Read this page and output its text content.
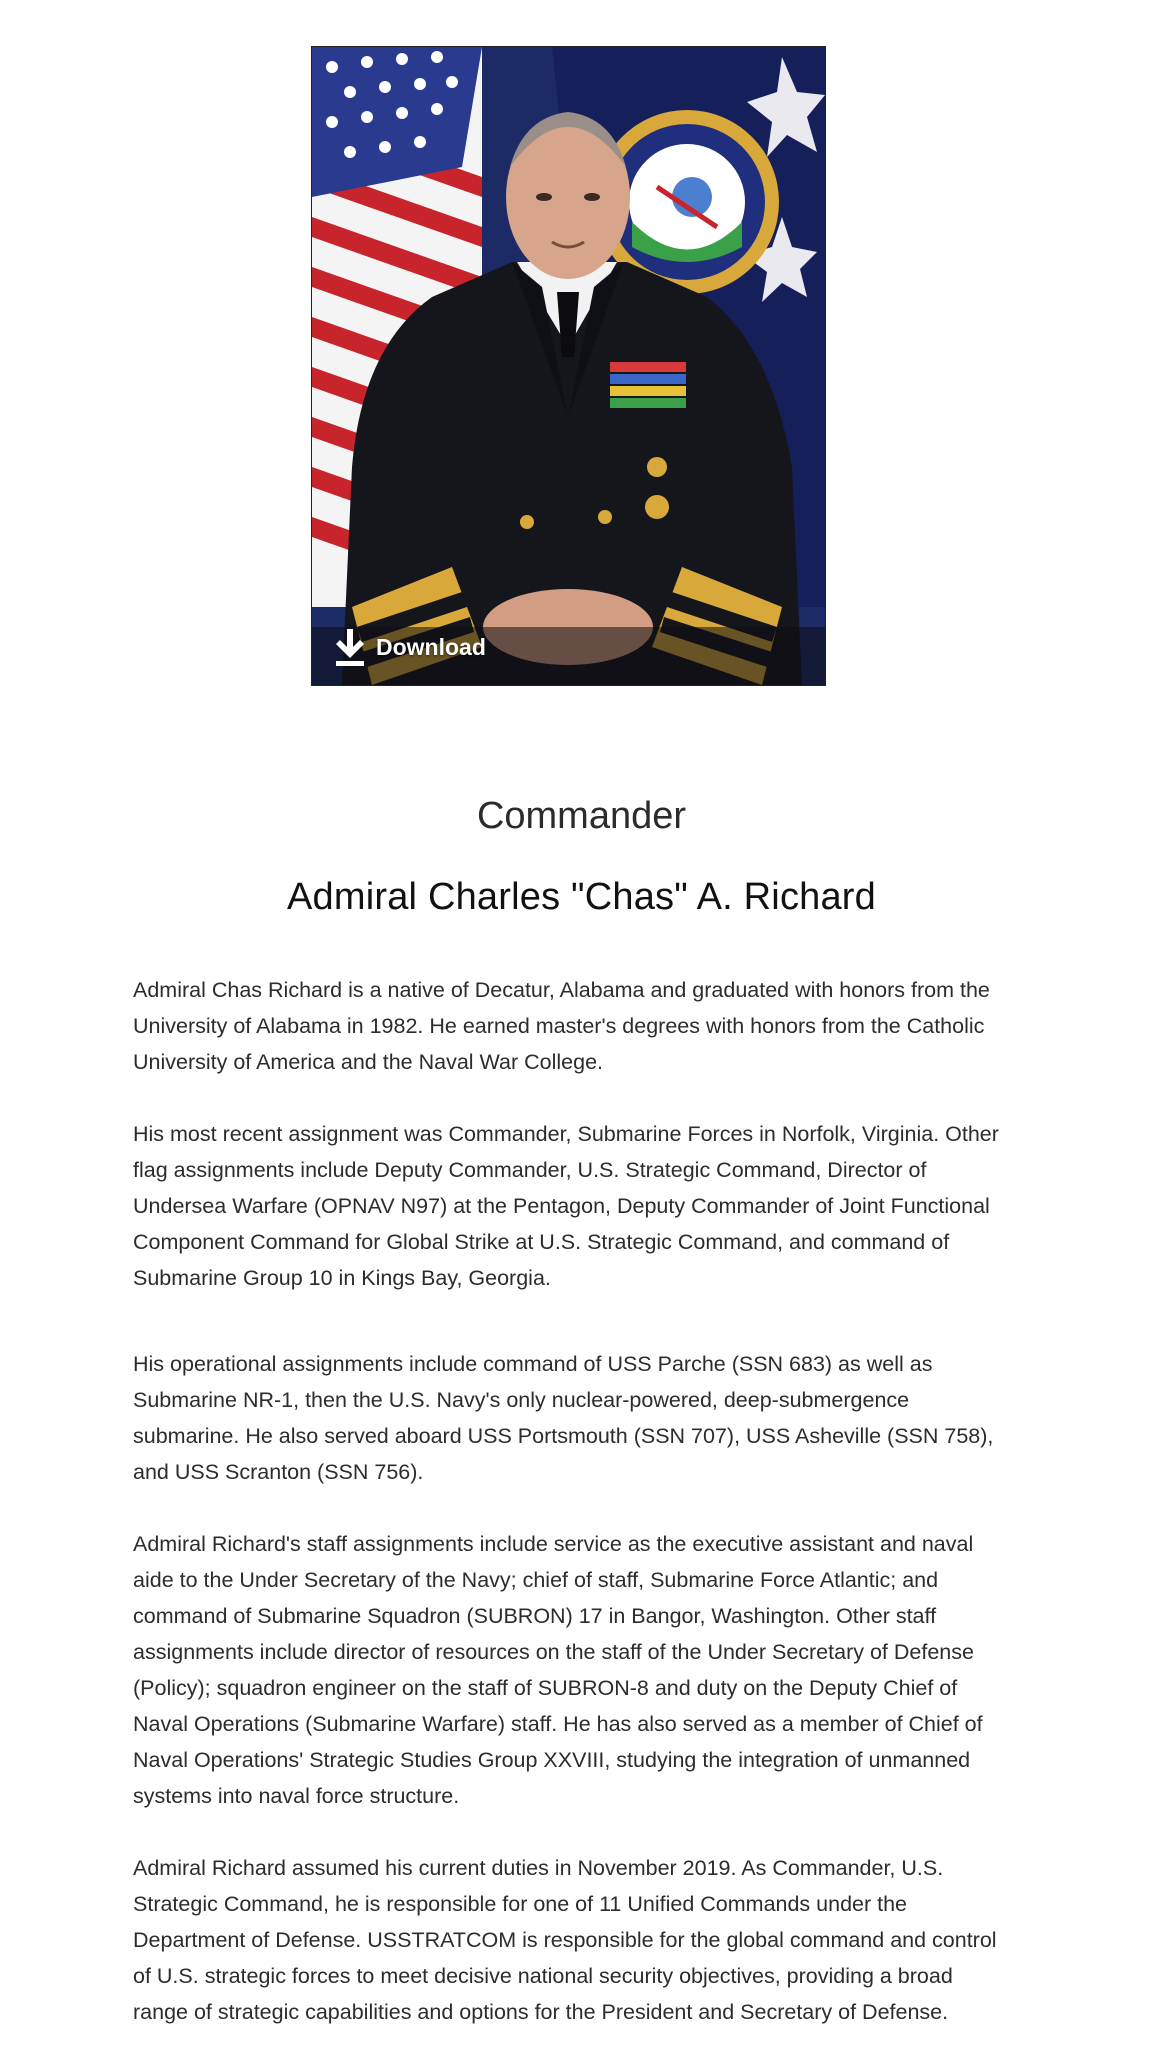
Download
Commander
Admiral Charles "Chas" A. Richard

Admiral Chas Richard is a native of Decatur, Alabama and graduated with honors from the University of Alabama in 1982. He earned master's degrees with honors from the Catholic University of America and the Naval War College.

His most recent assignment was Commander, Submarine Forces in Norfolk, Virginia. Other flag assignments include Deputy Commander, U.S. Strategic Command, Director of Undersea Warfare (OPNAV N97) at the Pentagon, Deputy Commander of Joint Functional Component Command for Global Strike at U.S. Strategic Command, and command of Submarine Group 10 in Kings Bay, Georgia.

His operational assignments include command of USS Parche (SSN 683) as well as Submarine NR-1, then the U.S. Navy's only nuclear-powered, deep-submergence submarine. He also served aboard USS Portsmouth (SSN 707), USS Asheville (SSN 758), and USS Scranton (SSN 756).

Admiral Richard's staff assignments include service as the executive assistant and naval aide to the Under Secretary of the Navy; chief of staff, Submarine Force Atlantic; and command of Submarine Squadron (SUBRON) 17 in Bangor, Washington. Other staff assignments include director of resources on the staff of the Under Secretary of Defense (Policy); squadron engineer on the staff of SUBRON-8 and duty on the Deputy Chief of Naval Operations (Submarine Warfare) staff. He has also served as a member of Chief of Naval Operations' Strategic Studies Group XXVIII, studying the integration of unmanned systems into naval force structure.

Admiral Richard assumed his current duties in November 2019. As Commander, U.S. Strategic Command, he is responsible for one of 11 Unified Commands under the Department of Defense. USSTRATCOM is responsible for the global command and control of U.S. strategic forces to meet decisive national security objectives, providing a broad range of strategic capabilities and options for the President and Secretary of Defense.
